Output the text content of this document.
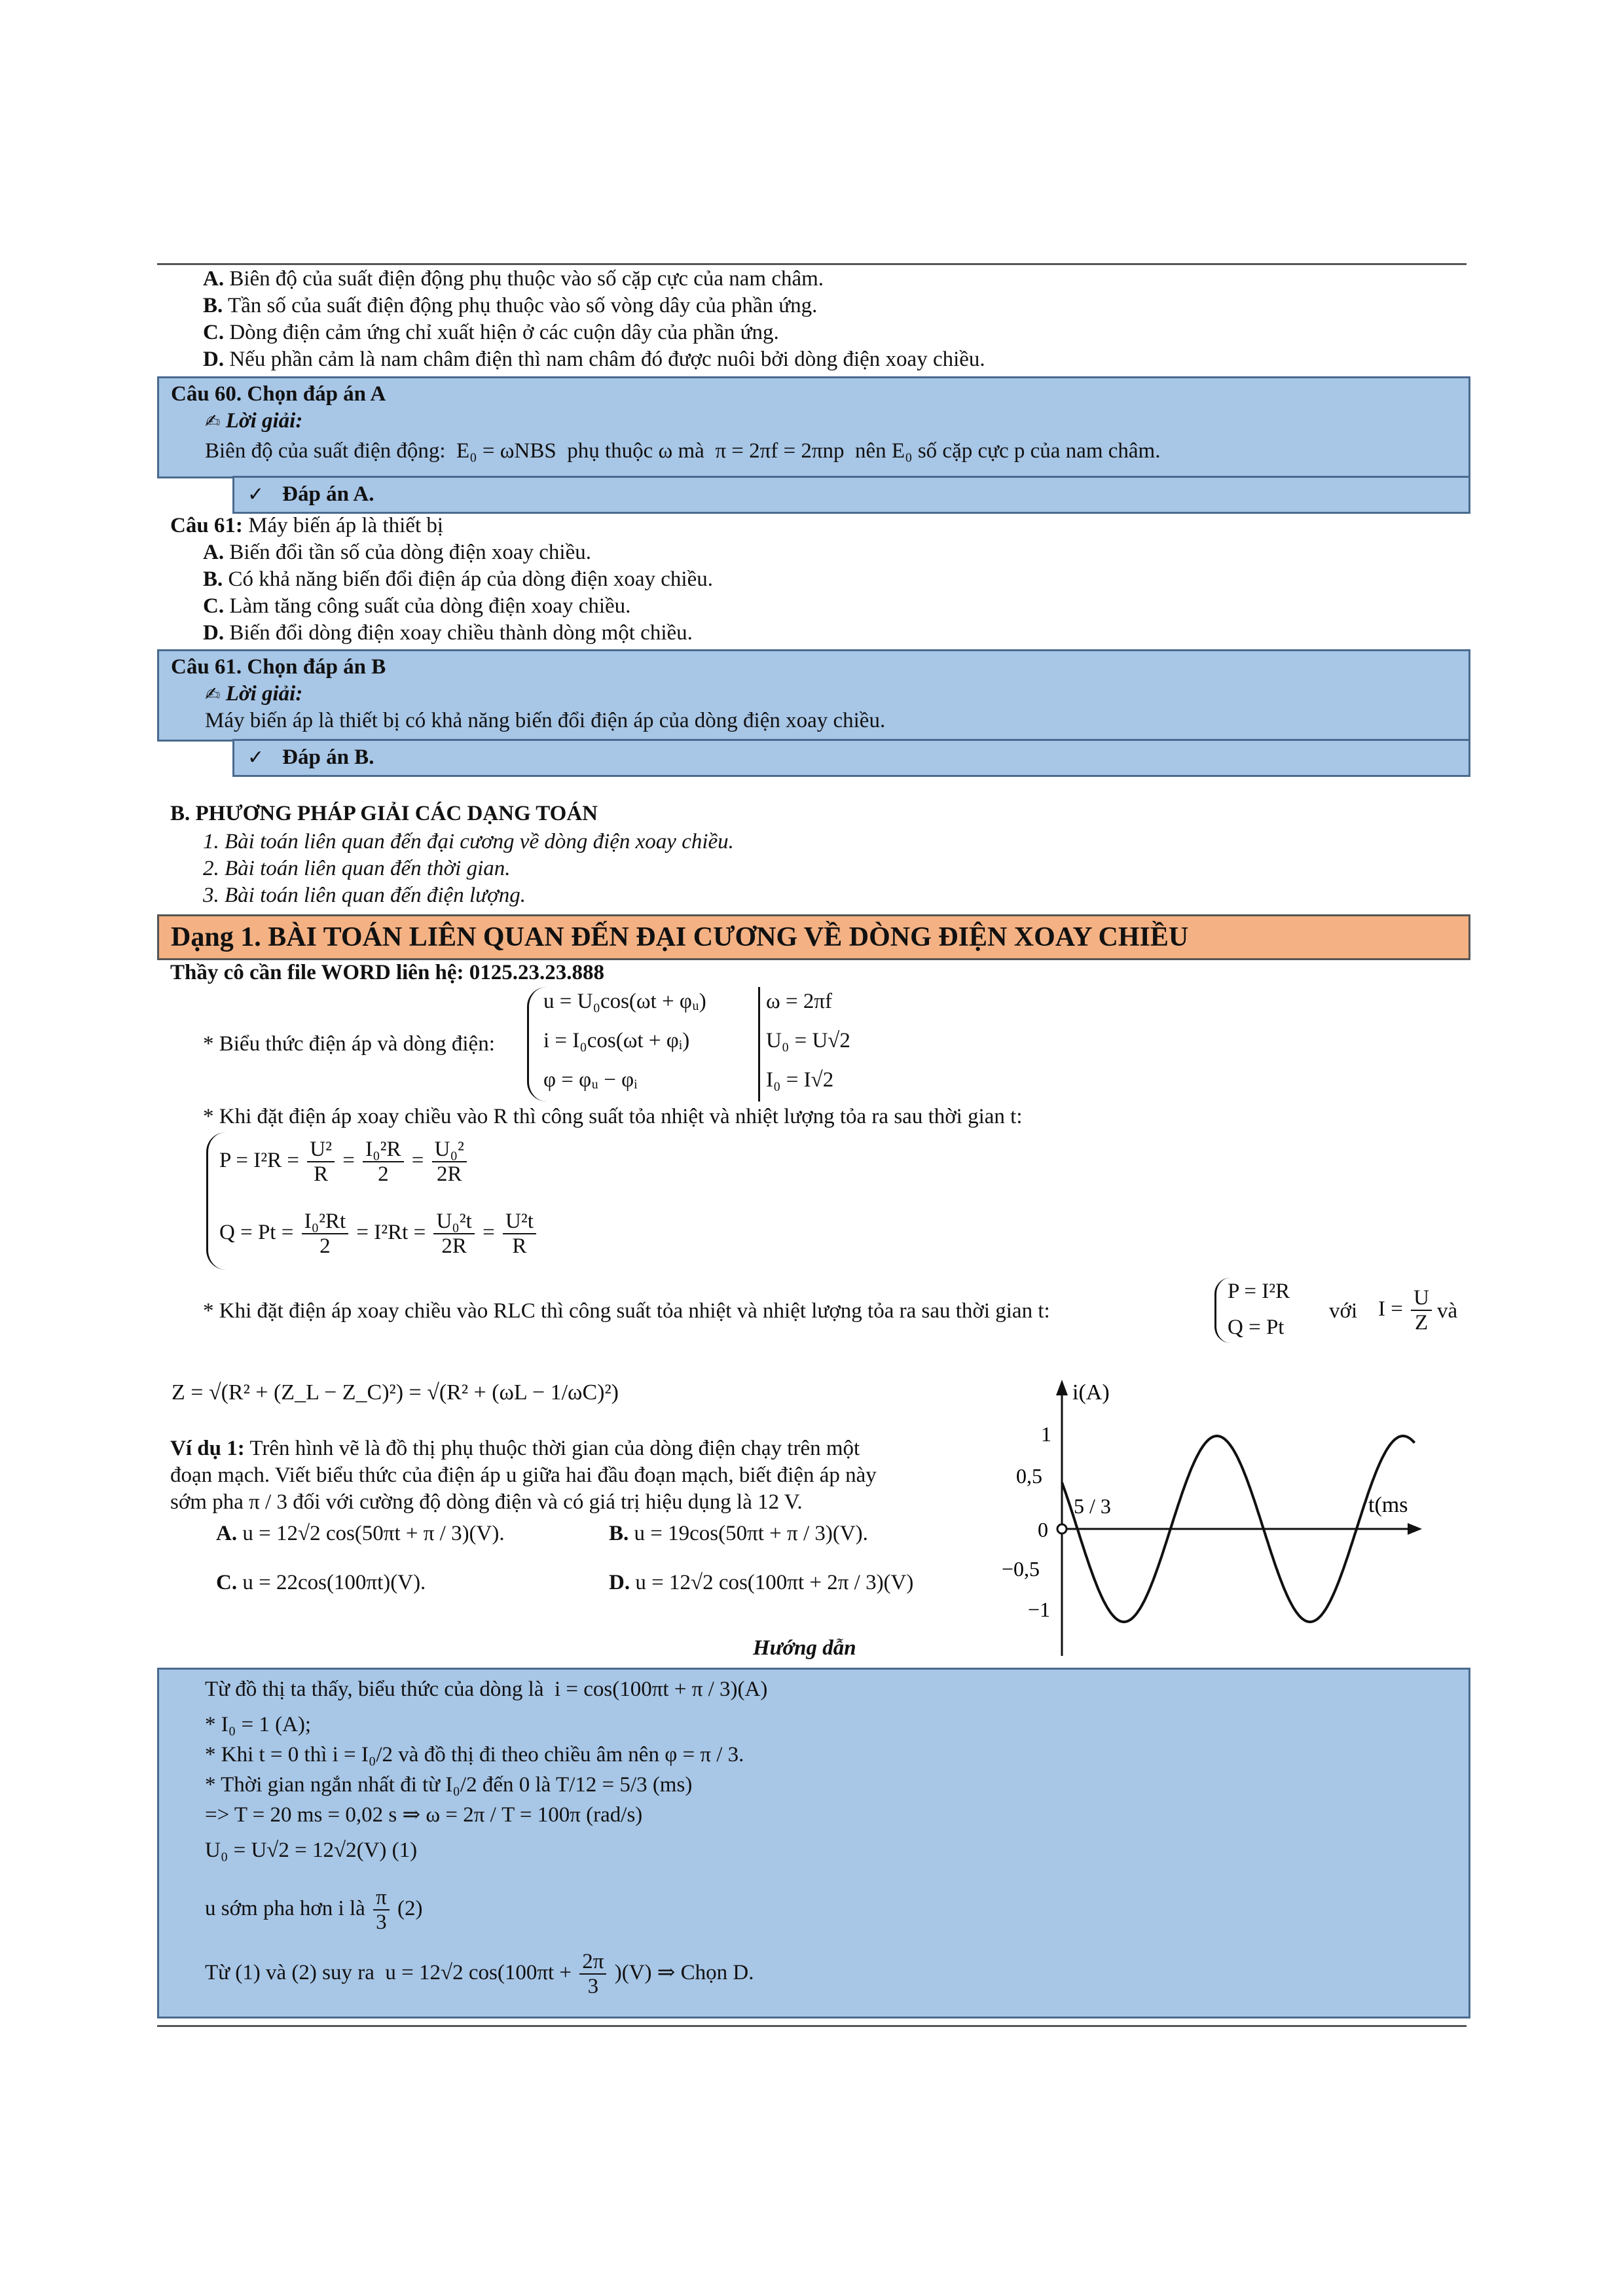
A. Biên độ của suất điện động phụ thuộc vào số cặp cực của nam châm.
B. Tần số của suất điện động phụ thuộc vào số vòng dây của phần ứng.
C. Dòng điện cảm ứng chỉ xuất hiện ở các cuộn dây của phần ứng.
D. Nếu phần cảm là nam châm điện thì nam châm đó được nuôi bởi dòng điện xoay chiều.
Câu 60. Chọn đáp án A
✍ Lời giải:
Biên độ của suất điện động: E₀ = ωNBS phụ thuộc ω mà π = 2πf = 2πnp nên E₀ số cặp cực p của nam châm.
✓ Đáp án A.
Câu 61: Máy biến áp là thiết bị
A. Biến đổi tần số của dòng điện xoay chiều.
B. Có khả năng biến đổi điện áp của dòng điện xoay chiều.
C. Làm tăng công suất của dòng điện xoay chiều.
D. Biến đổi dòng điện xoay chiều thành dòng một chiều.
Câu 61. Chọn đáp án B
✍ Lời giải:
Máy biến áp là thiết bị có khả năng biến đổi điện áp của dòng điện xoay chiều.
✓ Đáp án B.
B. PHƯƠNG PHÁP GIẢI CÁC DẠNG TOÁN
1. Bài toán liên quan đến đại cương về dòng điện xoay chiều.
2. Bài toán liên quan đến thời gian.
3. Bài toán liên quan đến điện lượng.
Dạng 1. BÀI TOÁN LIÊN QUAN ĐẾN ĐẠI CƯƠNG VỀ DÒNG ĐIỆN XOAY CHIỀU
Thầy cô cần file WORD liên hệ: 0125.23.23.888
* Biểu thức điện áp và dòng điện:
u = U₀cos(ωt + φᵤ)
i = I₀cos(ωt + φᵢ)
φ = φᵤ − φᵢ
ω = 2πf
U₀ = U√2
I₀ = I√2
* Khi đặt điện áp xoay chiều vào R thì công suất tỏa nhiệt và nhiệt lượng tỏa ra sau thời gian t:
$P = I^2R = \frac{\text{U²}}{R} = \frac{\text{I₀²R}}{2} = \frac{\text{U₀²}}{2R}$
$Q = Pt = \frac{\text{I₀²Rt}}{2} = I^2Rt = \frac{\text{U₀²t}}{2R} = \frac{\text{U²t}}{R}$
* Khi đặt điện áp xoay chiều vào RLC thì công suất tỏa nhiệt và nhiệt lượng tỏa ra sau thời gian t:
P = I²R
Q = Pt
với $I = \frac{U}{Z}$ và
Z = √(R² + (Z_L − Z_C)²) = √(R² + (ωL − 1/ωC)²)
Ví dụ 1: Trên hình vẽ là đồ thị phụ thuộc thời gian của dòng điện chạy trên một
đoạn mạch. Viết biểu thức của điện áp u giữa hai đầu đoạn mạch, biết điện áp này
sớm pha π / 3 đối với cường độ dòng điện và có giá trị hiệu dụng là 12 V.
A. u = 12√2 cos(50πt + π / 3)(V).	B. u = 19cos(50πt + π / 3)(V).
C. u = 22cos(100πt)(V).	D. u = 12√2 cos(100πt + 2π / 3)(V)
Hướng dẫn
i(A)
t(ms
1
0,5
0
−0,5
−1
5 / 3
Từ đồ thị ta thấy, biểu thức của dòng là i = cos(100πt + π / 3)(A)
* I₀ = 1 (A);
* Khi t = 0 thì i = I₀/2 và đồ thị đi theo chiều âm nên φ = π / 3.
* Thời gian ngắn nhất đi từ I₀/2 đến 0 là T/12 = 5/3 (ms)
=> T = 20 ms = 0,02 s ⇒ ω = 2π / T = 100π (rad/s)
U₀ = U√2 = 12√2(V) (1)
u sớm pha hơn i là $\frac{\pi}{3} (2)$
Từ (1) và (2) suy ra u = 12√2 $\cos(100\pi t + \frac{2\pi}{3} )(V)$ ⇒ Chọn D.
